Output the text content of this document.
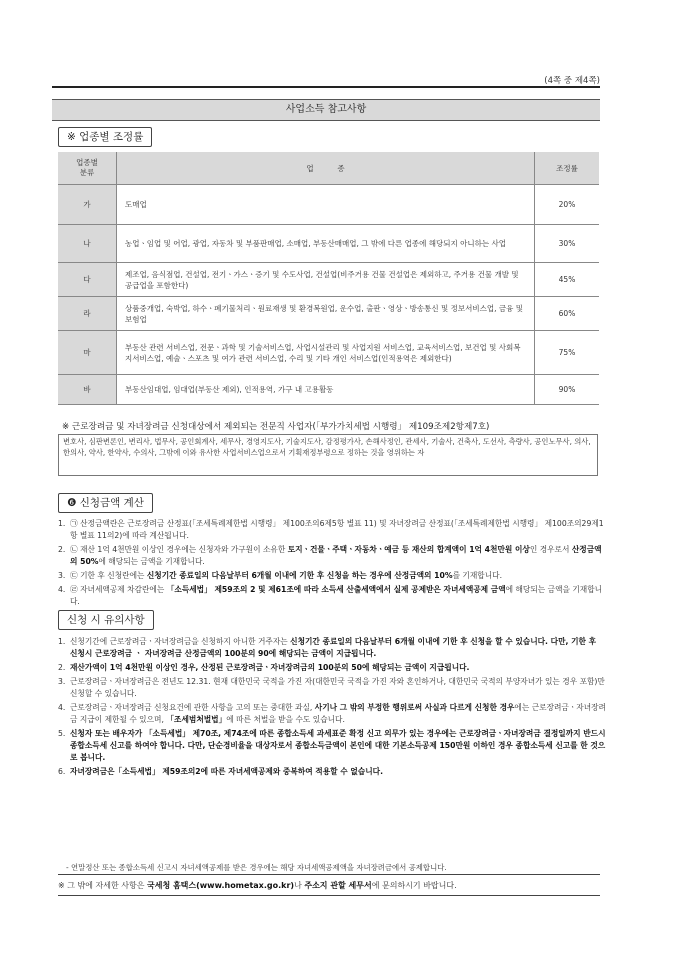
(4쪽 중 제4쪽)
사업소득 참고사항
※ 업종별 조정률
업종별
분류	업          종	조정률
가	도매업	20%
나	농업ㆍ임업 및 어업, 광업, 자동차 및 부품판매업, 소매업, 부동산매매업, 그 밖에 다른 업종에 해당되지 아니하는 사업	30%
다	제조업, 음식점업, 건설업, 전기ㆍ가스ㆍ증기 및 수도사업, 건설업(비주거용 건물 건설업은 제외하고, 주거용 건물 개발 및 공급업을 포함한다)	45%
라	상품중개업, 숙박업, 하수ㆍ폐기물처리ㆍ원료재생 및 환경복원업, 운수업, 출판ㆍ영상ㆍ방송통신 및 정보서비스업, 금융 및 보험업	60%
마	부동산 관련 서비스업, 전문ㆍ과학 및 기술서비스업, 사업시설관리 및 사업지원 서비스업, 교육서비스업, 보건업 및 사회복지서비스업, 예술ㆍ스포츠 및 여가 관련 서비스업, 수리 및 기타 개인 서비스업(인적용역은 제외한다)	75%
바	부동산임대업, 임대업(부동산 제외), 인적용역, 가구 내 고용활동	90%
※ 근로장려금 및 자녀장려금 신청대상에서 제외되는 전문직 사업자(「부가가치세법 시행령」 제109조제2항제7호)
변호사, 심판변론인, 변리사, 법무사, 공인회계사, 세무사, 경영지도사, 기술지도사, 감정평가사, 손해사정인, 관세사, 기술사, 건축사, 도선사, 측량사, 공인노무사, 의사, 한의사, 약사, 한약사, 수의사, 그밖에 이와 유사한 사업서비스업으로서 기획재정부령으로 정하는 것을 영위하는 자
❻ 신청금액 계산
1. ㉠ 산정금액란은 근로장려금 산정표(「조세특례제한법 시행령」 제100조의6제5항 별표 11) 및 자녀장려금 산정표(「조세특례제한법 시행령」 제100조의29제1항 별표 11의2)에 따라 계산됩니다.
2. ㉡ 재산 1억 4천만원 이상인 경우에는 신청자와 가구원이 소유한 토지ㆍ건물ㆍ주택ㆍ자동차ㆍ예금 등 재산의 합계액이 1억 4천만원 이상인 경우로서 산정금액의 50%에 해당되는 금액을 기재합니다.
3. ㉢ 기한 후 신청란에는 신청기간 종료일의 다음날부터 6개월 이내에 기한 후 신청을 하는 경우에 산정금액의 10%를 기재합니다.
4. ㉣ 자녀세액공제 차감란에는 「소득세법」 제59조의 2 및 제61조에 따라 소득세 산출세액에서 실제 공제받은 자녀세액공제 금액에 해당되는 금액을 기재합니다.
신청 시 유의사항
1. 신청기간에 근로장려금ㆍ자녀장려금을 신청하지 아니한 거주자는 신청기간 종료일의 다음날부터 6개월 이내에 기한 후 신청을 할 수 있습니다. 다만, 기한 후 신청시 근로장려금 ㆍ 자녀장려금 산정금액의 100분의 90에 해당되는 금액이 지급됩니다.
2. 재산가액이 1억 4천만원 이상인 경우, 산정된 근로장려금ㆍ자녀장려금의 100분의 50에 해당되는 금액이 지급됩니다.
3. 근로장려금ㆍ자녀장려금은 전년도 12.31. 현재 대한민국 국적을 가진 자(대한민국 국적을 가진 자와 혼인하거나, 대한민국 국적의 부양자녀가 있는 경우 포함)만 신청할 수 있습니다.
4. 근로장려금ㆍ자녀장려금 신청요건에 관한 사항을 고의 또는 중대한 과실, 사기나 그 밖의 부정한 행위로써 사실과 다르게 신청한 경우에는 근로장려금ㆍ자녀장려금 지급이 제한될 수 있으며, 「조세범처벌법」에 따른 처벌을 받을 수도 있습니다.
5. 신청자 또는 배우자가 「소득세법」 제70조, 제74조에 따른 종합소득세 과세표준 확정 신고 의무가 있는 경우에는 근로장려금ㆍ자녀장려금 결정일까지 반드시 종합소득세 신고를 하여야 합니다. 다만, 단순경비율을 대상자로서 종합소득금액이 본인에 대한 기본소득공제 150만원 이하인 경우 종합소득세 신고를 한 것으로 봅니다.
6. 자녀장려금은「소득세법」 제59조의2에 따른 자녀세액공제와 중복하여 적용할 수 없습니다.
- 연말정산 또는 종합소득세 신고시 자녀세액공제를 받은 경우에는 해당 자녀세액공제액을 자녀장려금에서 공제합니다.
※ 그 밖에 자세한 사항은 국세청 홈택스(www.hometax.go.kr)나 주소지 관할 세무서에 문의하시기 바랍니다.
